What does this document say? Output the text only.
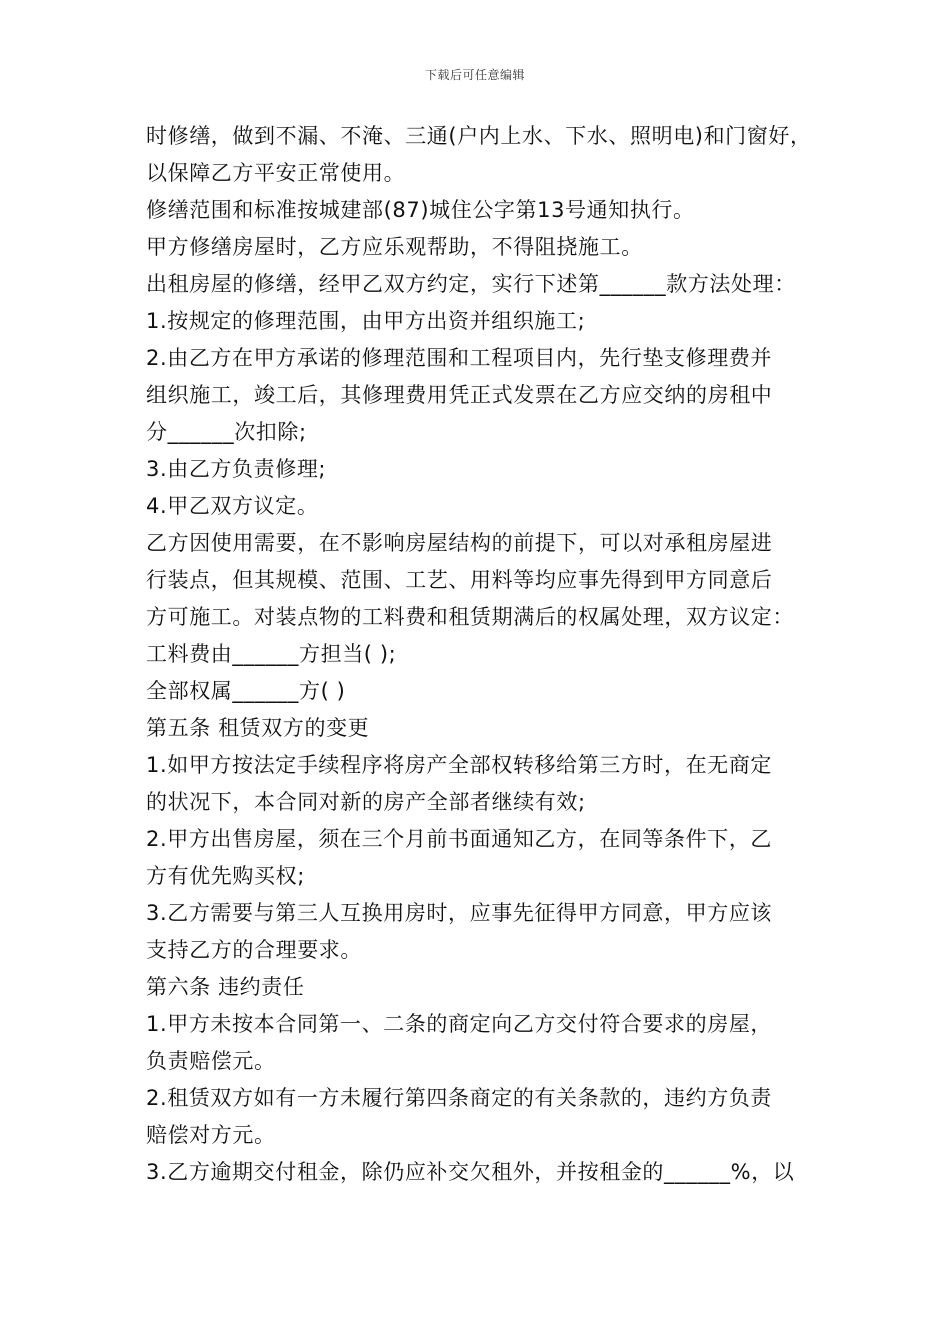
下载后可任意编辑
时修缮，做到不漏、不淹、三通(户内上水、下水、照明电)和门窗好，
以保障乙方平安正常使用。
修缮范围和标准按城建部(87)城住公字第13号通知执行。
甲方修缮房屋时，乙方应乐观帮助，不得阻挠施工。
出租房屋的修缮，经甲乙双方约定，实行下述第______款方法处理：
1.按规定的修理范围，由甲方出资并组织施工;
2.由乙方在甲方承诺的修理范围和工程项目内，先行垫支修理费并
组织施工，竣工后，其修理费用凭正式发票在乙方应交纳的房租中
分______次扣除;
3.由乙方负责修理;
4.甲乙双方议定。
乙方因使用需要，在不影响房屋结构的前提下，可以对承租房屋进
行装点，但其规模、范围、工艺、用料等均应事先得到甲方同意后
方可施工。对装点物的工料费和租赁期满后的权属处理，双方议定：
工料费由______方担当( );
全部权属______方( )
第五条 租赁双方的变更
1.如甲方按法定手续程序将房产全部权转移给第三方时，在无商定
的状况下，本合同对新的房产全部者继续有效;
2.甲方出售房屋，须在三个月前书面通知乙方，在同等条件下，乙
方有优先购买权;
3.乙方需要与第三人互换用房时，应事先征得甲方同意，甲方应该
支持乙方的合理要求。
第六条 违约责任
1.甲方未按本合同第一、二条的商定向乙方交付符合要求的房屋，
负责赔偿元。
2.租赁双方如有一方未履行第四条商定的有关条款的，违约方负责
赔偿对方元。
3.乙方逾期交付租金，除仍应补交欠租外，并按租金的______%，以
